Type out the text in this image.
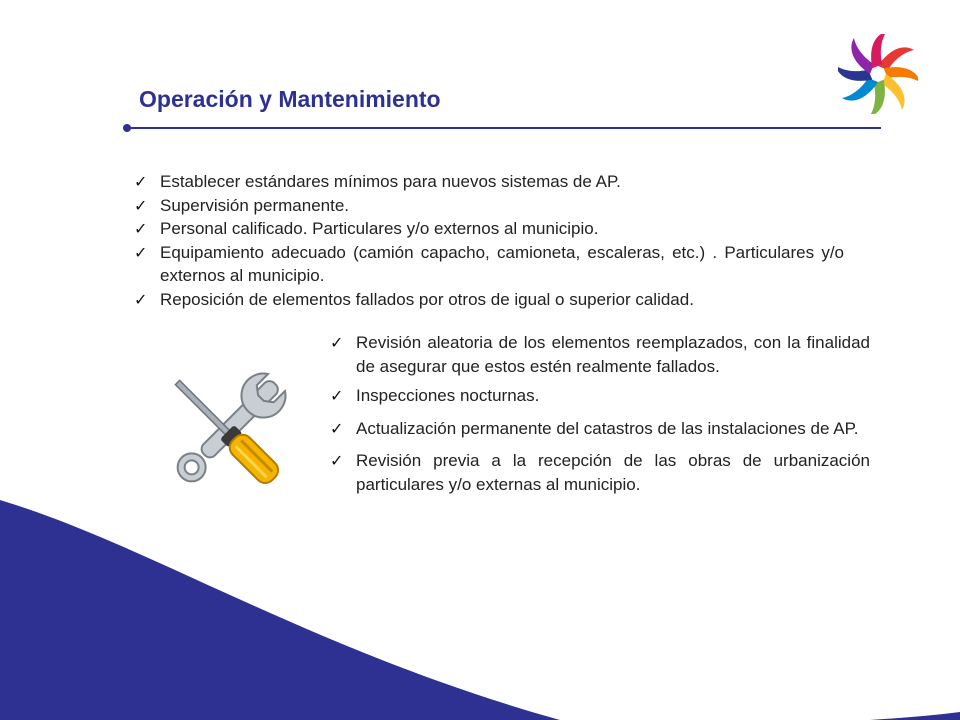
Operación y Mantenimiento
✓ Establecer estándares mínimos para nuevos sistemas de AP.
✓ Supervisión permanente.
✓ Personal calificado. Particulares y/o externos al municipio.
✓ Equipamiento adecuado (camión capacho, camioneta, escaleras, etc.) . Particulares y/o externos al municipio.
✓ Reposición de elementos fallados por otros de igual o superior calidad.
✓ Revisión aleatoria de los elementos reemplazados, con la finalidad de asegurar que estos estén realmente fallados.
✓ Inspecciones nocturnas.
✓ Actualización permanente del catastros de las instalaciones de AP.
✓ Revisión previa a la recepción de las obras de urbanización particulares y/o externas al municipio.
